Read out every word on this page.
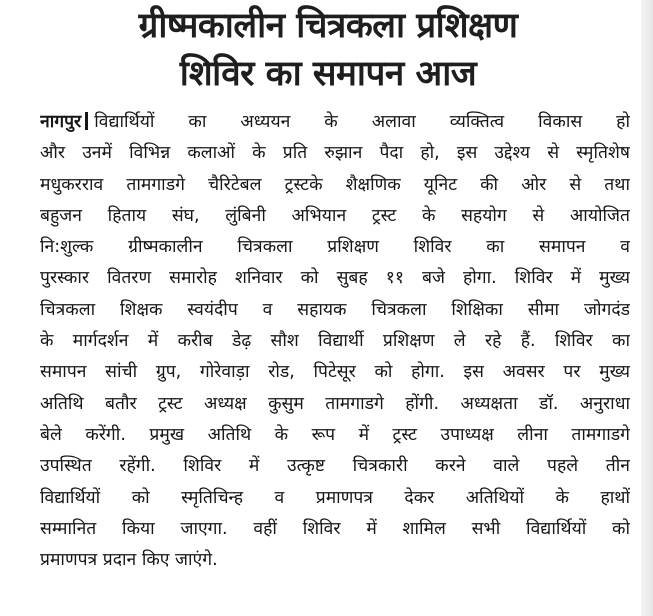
ग्रीष्मकालीन चित्रकला प्रशिक्षण
शिविर का समापन आज
नागपुर विद्यार्थियों का अध्ययन के अलावा व्यक्तित्व विकास हो
और उनमें विभिन्न कलाओं के प्रति रुझान पैदा हो, इस उद्देश्य से स्मृतिशेष
मधुकरराव तामगाडगे चैरिटेबल ट्रस्टके शैक्षणिक यूनिट की ओर से तथा
बहुजन हिताय संघ, लुंबिनी अभियान ट्रस्ट के सहयोग से आयोजित
नि:शुल्क ग्रीष्मकालीन चित्रकला प्रशिक्षण शिविर का समापन व
पुरस्कार वितरण समारोह शनिवार को सुबह ११ बजे होगा. शिविर में मुख्य
चित्रकला शिक्षक स्वयंदीप व सहायक चित्रकला शिक्षिका सीमा जोगदंड
के मार्गदर्शन में करीब डेढ़ सौश विद्यार्थी प्रशिक्षण ले रहे हैं. शिविर का
समापन सांची ग्रुप, गोरेवाड़ा रोड, पिटेसूर को होगा. इस अवसर पर मुख्य
अतिथि बतौर ट्रस्ट अध्यक्ष कुसुम तामगाडगे होंगी. अध्यक्षता डॉ. अनुराधा
बेले करेंगी. प्रमुख अतिथि के रूप में ट्रस्ट उपाध्यक्ष लीना तामगाडगे
उपस्थित रहेंगी. शिविर में उत्कृष्ट चित्रकारी करने वाले पहले तीन
विद्यार्थियों को स्मृतिचिन्ह व प्रमाणपत्र देकर अतिथियों के हाथों
सम्मानित किया जाएगा. वहीं शिविर में शामिल सभी विद्यार्थियों को
प्रमाणपत्र प्रदान किए जाएंगे.
